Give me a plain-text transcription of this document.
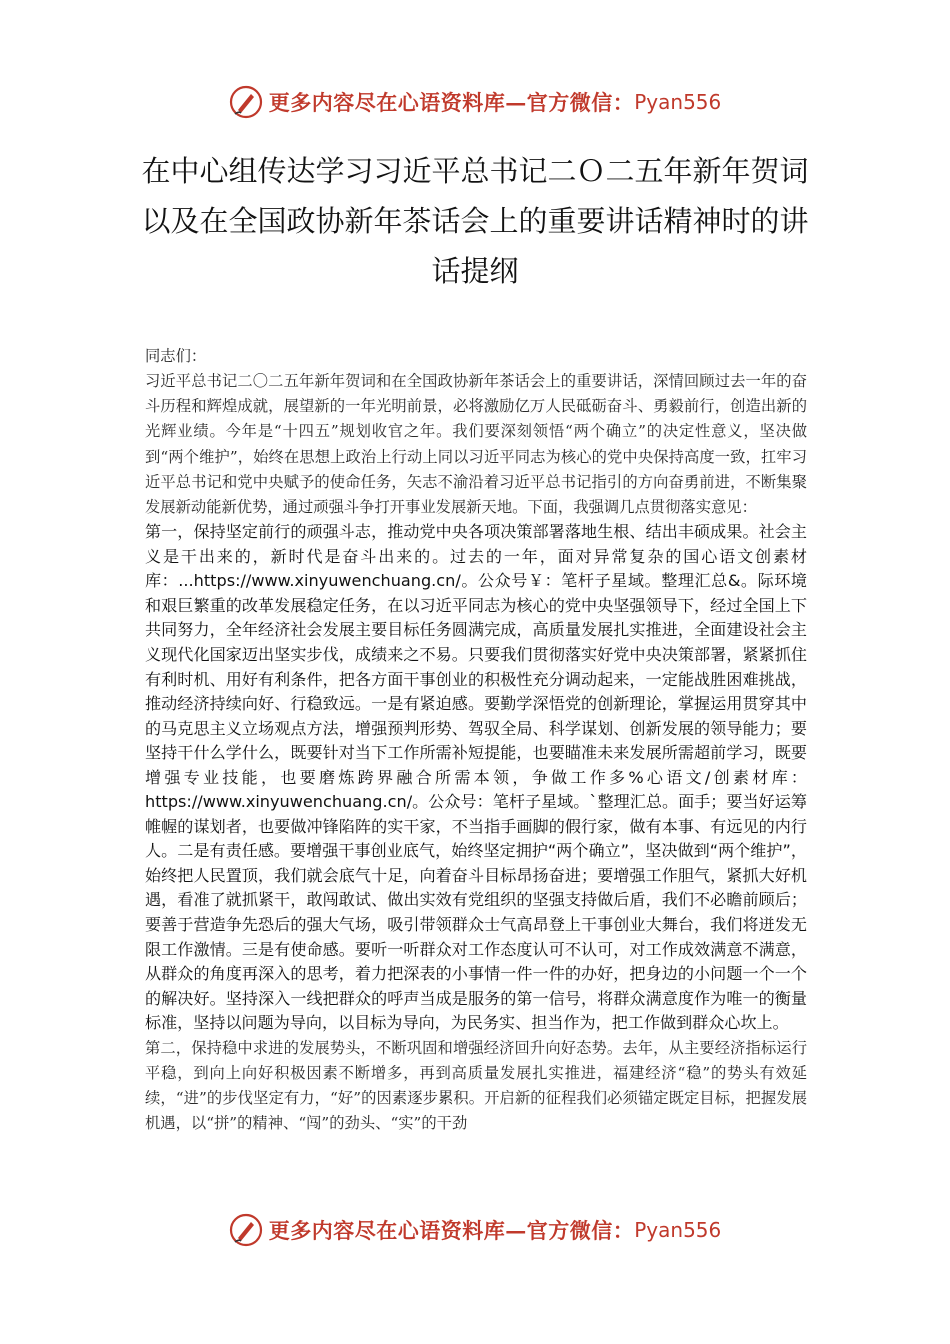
更多内容尽在心语资料库—官方微信： Pyan556
在中心组传达学习习近平总书记二Ｏ二五年新年贺词以及在全国政协新年茶话会上的重要讲话精神时的讲话提纲

同志们：

习近平总书记二〇二五年新年贺词和在全国政协新年茶话会上的重要讲话，深情回顾过去一年的奋斗历程和辉煌成就，展望新的一年光明前景，必将激励亿万人民砥砺奋斗、勇毅前行，创造出新的光辉业绩。今年是“十四五”规划收官之年。我们要深刻领悟“两个确立”的决定性意义，坚决做到“两个维护”，始终在思想上政治上行动上同以习近平同志为核心的党中央保持高度一致，扛牢习近平总书记和党中央赋予的使命任务，矢志不渝沿着习近平总书记指引的方向奋勇前进，不断集聚发展新动能新优势，通过顽强斗争打开事业发展新天地。下面，我强调几点贯彻落实意见：

第一，保持坚定前行的顽强斗志，推动党中央各项决策部署落地生根、结出丰硕成果。社会主义是干出来的，新时代是奋斗出来的。过去的一年，面对异常复杂的国心语文创素材库：...https://www.xinyuwenchuang.cn/。公众号￥：笔杆子星域。整理汇总&。际环境和艰巨繁重的改革发展稳定任务，在以习近平同志为核心的党中央坚强领导下，经过全国上下共同努力，全年经济社会发展主要目标任务圆满完成，高质量发展扎实推进，全面建设社会主义现代化国家迈出坚实步伐，成绩来之不易。只要我们贯彻落实好党中央决策部署，紧紧抓住有利时机、用好有利条件，把各方面干事创业的积极性充分调动起来，一定能战胜困难挑战，推动经济持续向好、行稳致远。一是有紧迫感。要勤学深悟党的创新理论，掌握运用贯穿其中的马克思主义立场观点方法，增强预判形势、驾驭全局、科学谋划、创新发展的领导能力；要坚持干什么学什么，既要针对当下工作所需补短提能，也要瞄准未来发展所需超前学习，既要增强专业技能，也要磨炼跨界融合所需本领，争做工作多%心语文/创素材库：https://www.xinyuwenchuang.cn/。公众号：笔杆子星域。`整理汇总。面手；要当好运筹帷幄的谋划者，也要做冲锋陷阵的实干家，不当指手画脚的假行家，做有本事、有远见的内行人。二是有责任感。要增强干事创业底气，始终坚定拥护“两个确立”，坚决做到“两个维护”，始终把人民置顶，我们就会底气十足，向着奋斗目标昂扬奋进；要增强工作胆气，紧抓大好机遇，看准了就抓紧干，敢闯敢试、做出实效有党组织的坚强支持做后盾，我们不必瞻前顾后；要善于营造争先恐后的强大气场，吸引带领群众士气高昂登上干事创业大舞台，我们将迸发无限工作激情。三是有使命感。要听一听群众对工作态度认可不认可，对工作成效满意不满意，从群众的角度再深入的思考，着力把深表的小事情一件一件的办好，把身边的小问题一个一个的解决好。坚持深入一线把群众的呼声当成是服务的第一信号，将群众满意度作为唯一的衡量标准，坚持以问题为导向，以目标为导向，为民务实、担当作为，把工作做到群众心坎上。

第二，保持稳中求进的发展势头，不断巩固和增强经济回升向好态势。去年，从主要经济指标运行平稳，到向上向好积极因素不断增多，再到高质量发展扎实推进，福建经济“稳”的势头有效延续，“进”的步伐坚定有力，“好”的因素逐步累积。开启新的征程我们必须锚定既定目标，把握发展机遇，以“拼”的精神、“闯”的劲头、“实”的干劲

更多内容尽在心语资料库—官方微信： Pyan556
